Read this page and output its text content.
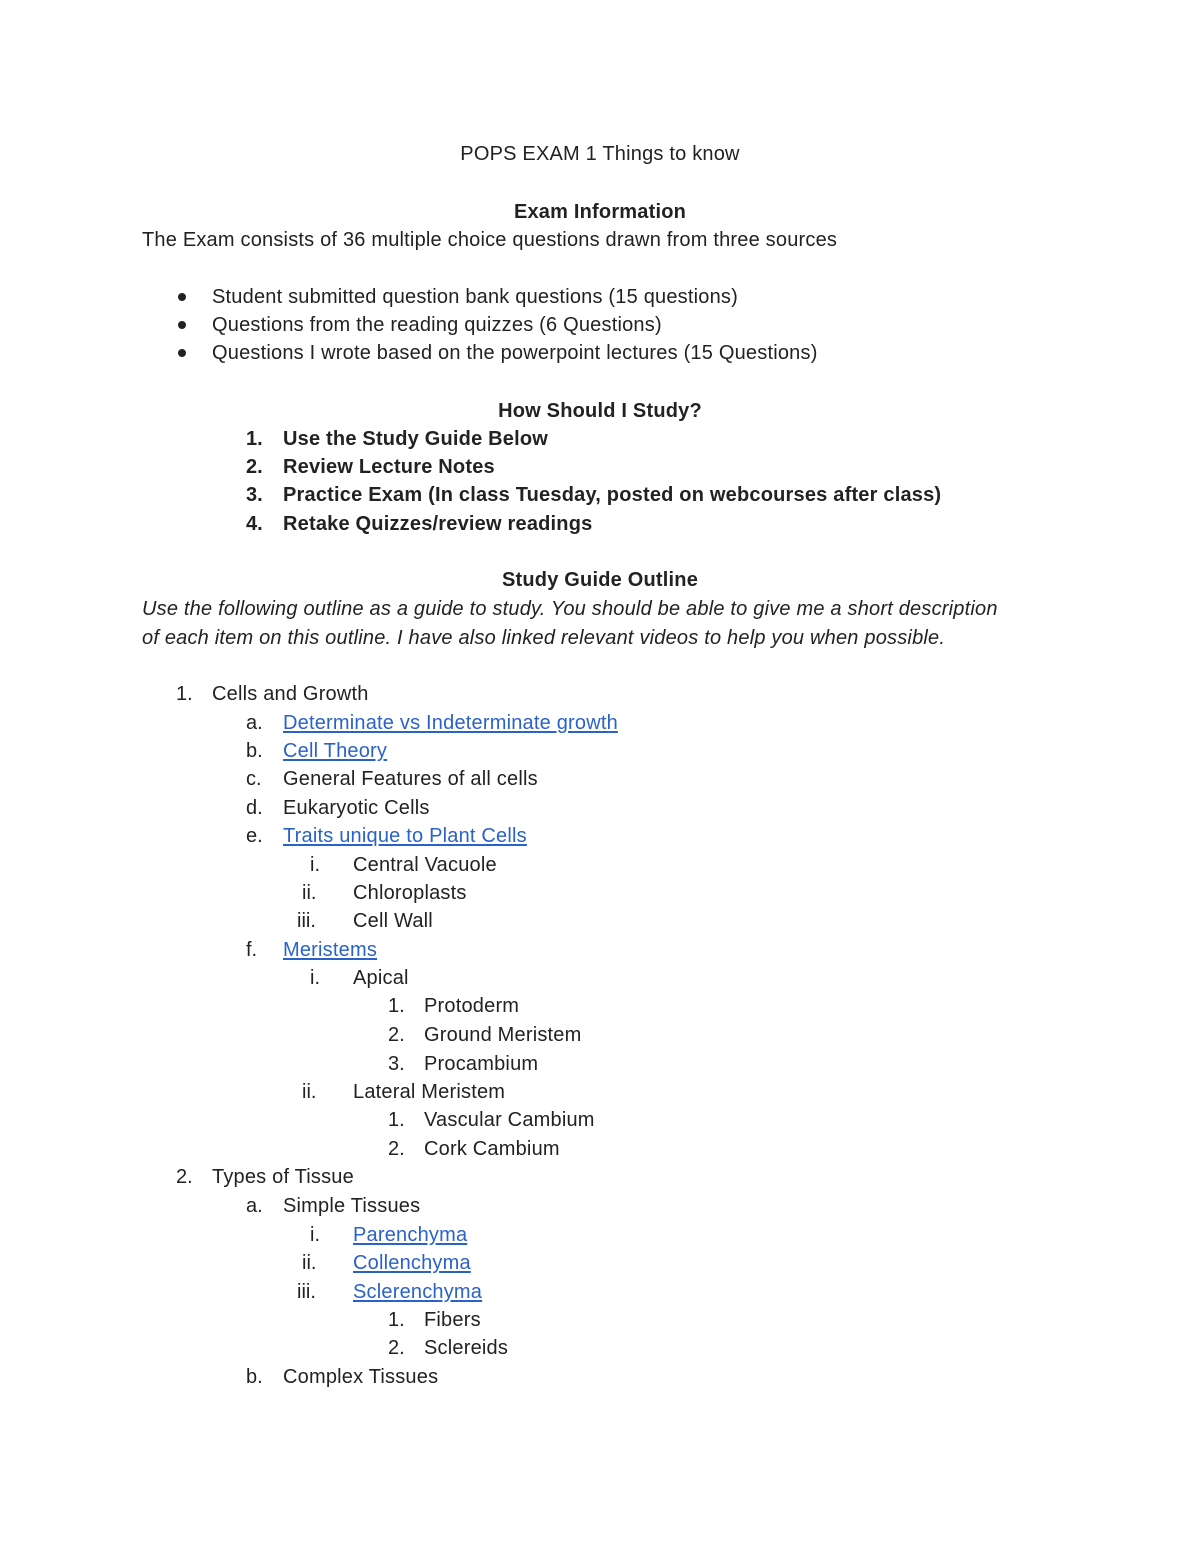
POPS EXAM 1 Things to know
Exam Information
The Exam consists of 36 multiple choice questions drawn from three sources
Student submitted question bank questions (15 questions)
Questions from the reading quizzes (6 Questions)
Questions I wrote based on the powerpoint lectures (15 Questions)
How Should I Study?
1. Use the Study Guide Below
2. Review Lecture Notes
3. Practice Exam (In class Tuesday, posted on webcourses after class)
4. Retake Quizzes/review readings
Study Guide Outline
Use the following outline as a guide to study. You should be able to give me a short description
of each item on this outline. I have also linked relevant videos to help you when possible.
1. Cells and Growth
a. Determinate vs Indeterminate growth
b. Cell Theory
c. General Features of all cells
d. Eukaryotic Cells
e. Traits unique to Plant Cells
i. Central Vacuole
ii. Chloroplasts
iii. Cell Wall
f. Meristems
i. Apical
1. Protoderm
2. Ground Meristem
3. Procambium
ii. Lateral Meristem
1. Vascular Cambium
2. Cork Cambium
2. Types of Tissue
a. Simple Tissues
i. Parenchyma
ii. Collenchyma
iii. Sclerenchyma
1. Fibers
2. Sclereids
b. Complex Tissues
